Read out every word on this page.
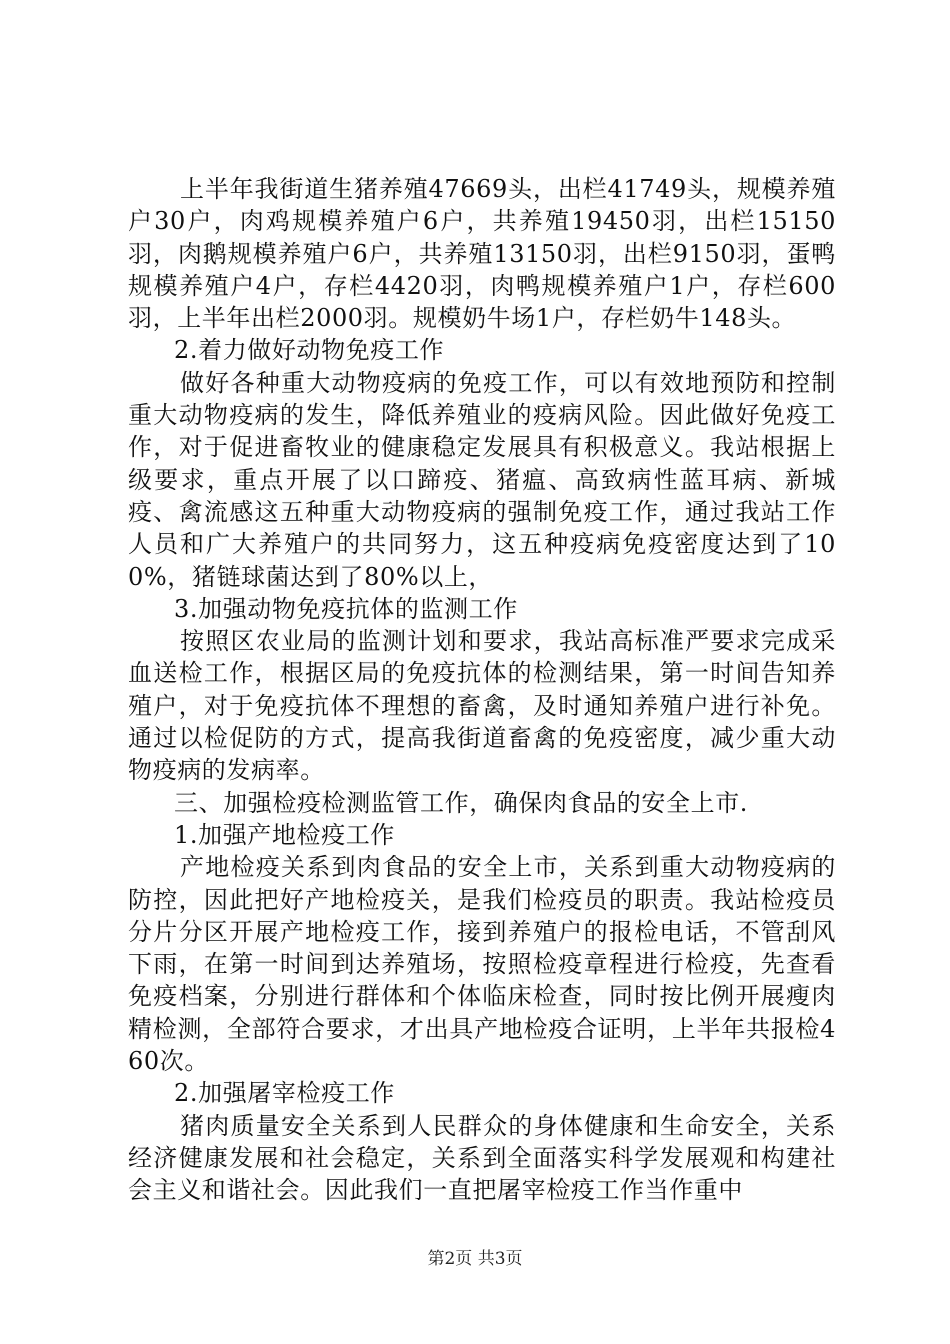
上半年我街道生猪养殖47669头，出栏41749头，规模养殖户30户，肉鸡规模养殖户6户，共养殖19450羽，出栏15150羽，肉鹅规模养殖户6户，共养殖13150羽，出栏9150羽，蛋鸭规模养殖户4户，存栏4420羽，肉鸭规模养殖户1户，存栏600羽，上半年出栏2000羽。规模奶牛场1户，存栏奶牛148头。

2.着力做好动物免疫工作

做好各种重大动物疫病的免疫工作，可以有效地预防和控制重大动物疫病的发生，降低养殖业的疫病风险。因此做好免疫工作，对于促进畜牧业的健康稳定发展具有积极意义。我站根据上级要求，重点开展了以口蹄疫、猪瘟、高致病性蓝耳病、新城疫、禽流感这五种重大动物疫病的强制免疫工作，通过我站工作人员和广大养殖户的共同努力，这五种疫病免疫密度达到了100%，猪链球菌达到了80%以上，

3.加强动物免疫抗体的监测工作

按照区农业局的监测计划和要求，我站高标准严要求完成采血送检工作，根据区局的免疫抗体的检测结果，第一时间告知养殖户，对于免疫抗体不理想的畜禽，及时通知养殖户进行补免。通过以检促防的方式，提高我街道畜禽的免疫密度，减少重大动物疫病的发病率。

三、加强检疫检测监管工作，确保肉食品的安全上市.

1.加强产地检疫工作

产地检疫关系到肉食品的安全上市，关系到重大动物疫病的防控，因此把好产地检疫关，是我们检疫员的职责。我站检疫员分片分区开展产地检疫工作，接到养殖户的报检电话，不管刮风下雨，在第一时间到达养殖场，按照检疫章程进行检疫，先查看免疫档案，分别进行群体和个体临床检查，同时按比例开展瘦肉精检测，全部符合要求，才出具产地检疫合证明，上半年共报检460次。

2.加强屠宰检疫工作

猪肉质量安全关系到人民群众的身体健康和生命安全，关系经济健康发展和社会稳定，关系到全面落实科学发展观和构建社会主义和谐社会。因此我们一直把屠宰检疫工作当作重中

第2页 共3页
